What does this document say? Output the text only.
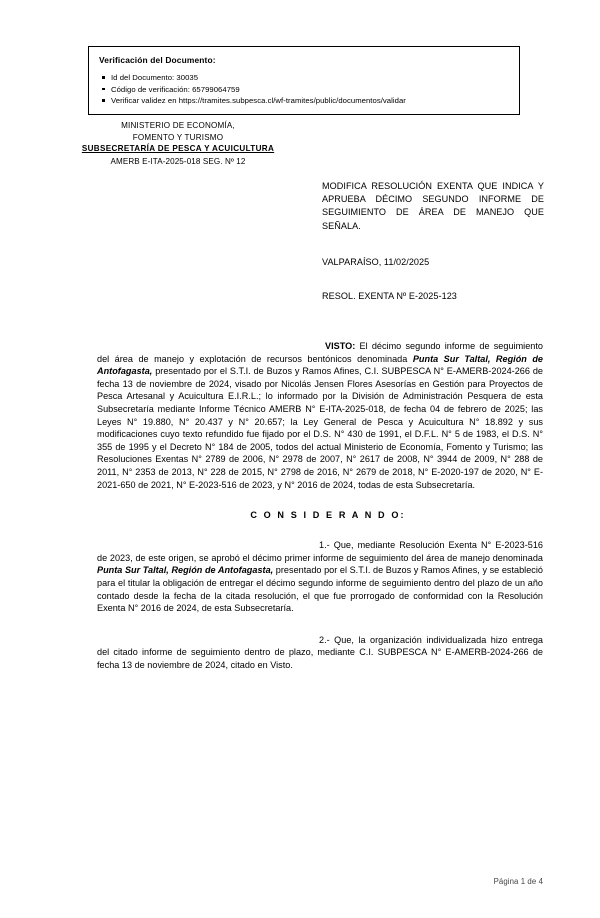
Verificación del Documento:
Id del Documento: 30035
Código de verificación: 65799064759
Verificar validez en https://tramites.subpesca.cl/wf-tramites/public/documentos/validar
MINISTERIO DE ECONOMÍA,
FOMENTO Y TURISMO
SUBSECRETARÍA DE PESCA Y ACUICULTURA
AMERB E-ITA-2025-018 SEG. Nº 12
MODIFICA RESOLUCIÓN EXENTA QUE INDICA Y APRUEBA DÉCIMO SEGUNDO INFORME DE SEGUIMIENTO DE ÁREA DE MANEJO QUE SEÑALA.
VALPARAÍSO, 11/02/2025
RESOL. EXENTA Nº E-2025-123

VISTO: El décimo segundo informe de seguimiento del área de manejo y explotación de recursos bentónicos denominada Punta Sur Taltal, Región de Antofagasta, presentado por el S.T.I. de Buzos y Ramos Afines, C.I. SUBPESCA N° E-AMERB-2024-266 de fecha 13 de noviembre de 2024, visado por Nicolás Jensen Flores Asesorías en Gestión para Proyectos de Pesca Artesanal y Acuicultura E.I.R.L.; lo informado por la División de Administración Pesquera de esta Subsecretaría mediante Informe Técnico AMERB N° E-ITA-2025-018, de fecha 04 de febrero de 2025; las Leyes N° 19.880, N° 20.437 y N° 20.657; la Ley General de Pesca y Acuicultura N° 18.892 y sus modificaciones cuyo texto refundido fue fijado por el D.S. N° 430 de 1991, el D.F.L. N° 5 de 1983, el D.S. N° 355 de 1995 y el Decreto N° 184 de 2005, todos del actual Ministerio de Economía, Fomento y Turismo; las Resoluciones Exentas N° 2789 de 2006, N° 2978 de 2007, N° 2617 de 2008, N° 3944 de 2009, N° 288 de 2011, N° 2353 de 2013, N° 228 de 2015, N° 2798 de 2016, N° 2679 de 2018, N° E-2020-197 de 2020, N° E-2021-650 de 2021, N° E-2023-516 de 2023, y N° 2016 de 2024, todas de esta Subsecretaría.

C O N S I D E R A N D O:

1.- Que, mediante Resolución Exenta N° E-2023-516 de 2023, de este origen, se aprobó el décimo primer informe de seguimiento del área de manejo denominada Punta Sur Taltal, Región de Antofagasta, presentado por el S.T.I. de Buzos y Ramos Afines, y se estableció para el titular la obligación de entregar el décimo segundo informe de seguimiento dentro del plazo de un año contado desde la fecha de la citada resolución, el que fue prorrogado de conformidad con la Resolución Exenta N° 2016 de 2024, de esta Subsecretaría.

2.- Que, la organización individualizada hizo entrega del citado informe de seguimiento dentro de plazo, mediante C.I. SUBPESCA N° E-AMERB-2024-266 de fecha 13 de noviembre de 2024, citado en Visto.

Página 1 de 4
